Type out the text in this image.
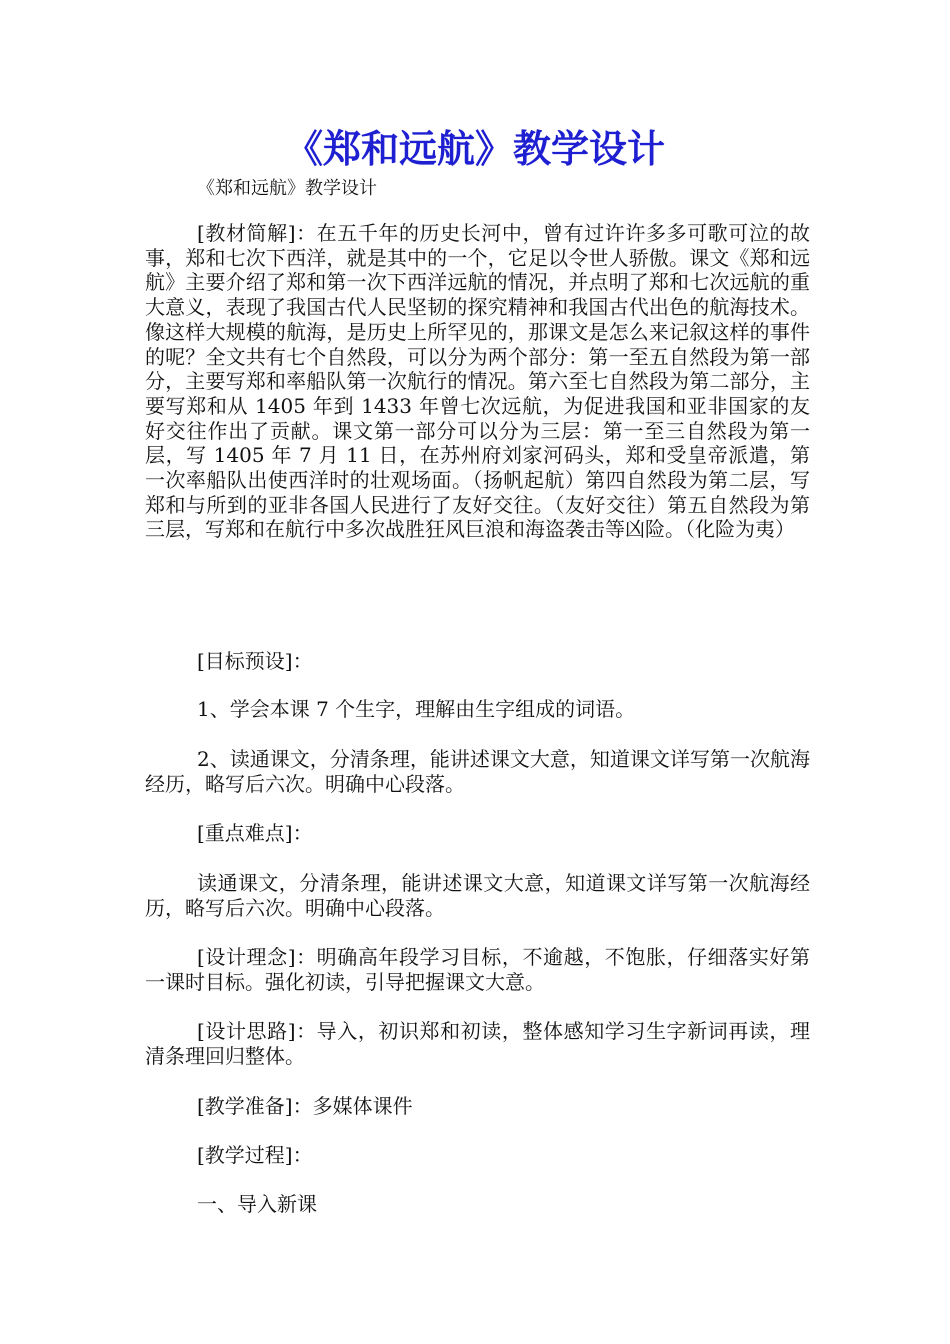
《郑和远航》教学设计
《郑和远航》教学设计

[教材简解]：在五千年的历史长河中，曾有过许许多多可歌可泣的故事，郑和七次下西洋，就是其中的一个，它足以令世人骄傲。课文《郑和远航》主要介绍了郑和第一次下西洋远航的情况，并点明了郑和七次远航的重大意义，表现了我国古代人民坚韧的探究精神和我国古代出色的航海技术。像这样大规模的航海，是历史上所罕见的，那课文是怎么来记叙这样的事件的呢？全文共有七个自然段，可以分为两个部分：第一至五自然段为第一部分，主要写郑和率船队第一次航行的情况。第六至七自然段为第二部分，主要写郑和从 1405 年到 1433 年曾七次远航，为促进我国和亚非国家的友好交往作出了贡献。课文第一部分可以分为三层：第一至三自然段为第一层，写 1405 年 7 月 11 日，在苏州府刘家河码头，郑和受皇帝派遣，第一次率船队出使西洋时的壮观场面。（扬帆起航）第四自然段为第二层，写郑和与所到的亚非各国人民进行了友好交往。（友好交往）第五自然段为第三层，写郑和在航行中多次战胜狂风巨浪和海盗袭击等凶险。（化险为夷）

[目标预设]：

1、学会本课 7 个生字，理解由生字组成的词语。

2、读通课文，分清条理，能讲述课文大意，知道课文详写第一次航海经历，略写后六次。明确中心段落。

[重点难点]：

读通课文，分清条理，能讲述课文大意，知道课文详写第一次航海经历，略写后六次。明确中心段落。

[设计理念]：明确高年段学习目标，不逾越，不饱胀，仔细落实好第一课时目标。强化初读，引导把握课文大意。

[设计思路]：导入，初识郑和初读，整体感知学习生字新词再读，理清条理回归整体。

[教学准备]：多媒体课件

[教学过程]：

一、导入新课
